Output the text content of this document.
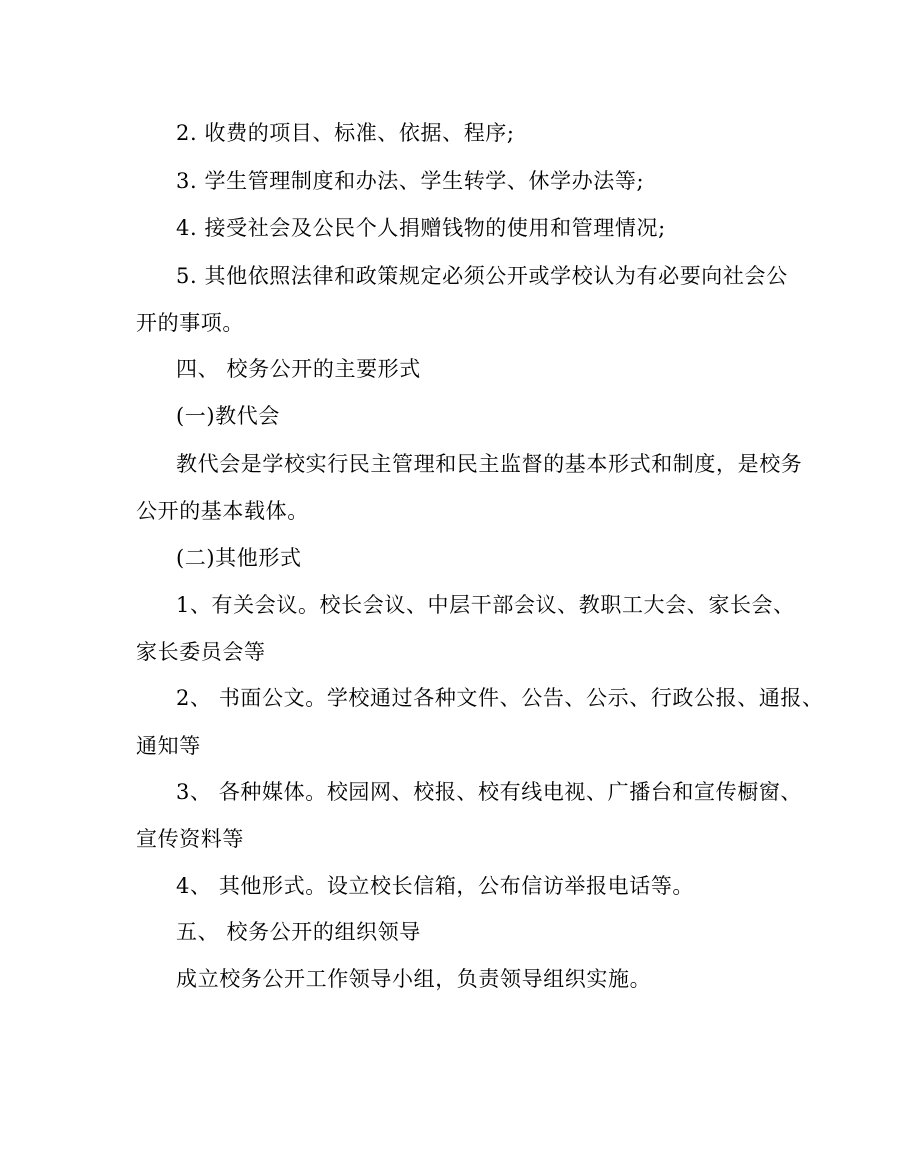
2. 收费的项目、标准、依据、程序;
3. 学生管理制度和办法、学生转学、休学办法等;
4. 接受社会及公民个人捐赠钱物的使用和管理情况;
5. 其他依照法律和政策规定必须公开或学校认为有必要向社会公
开的事项。
四、 校务公开的主要形式
(一)教代会
教代会是学校实行民主管理和民主监督的基本形式和制度，是校务
公开的基本载体。
(二)其他形式
1、有关会议。校长会议、中层干部会议、教职工大会、家长会、
家长委员会等
2、 书面公文。学校通过各种文件、公告、公示、行政公报、通报、
通知等
3、 各种媒体。校园网、校报、校有线电视、广播台和宣传橱窗、
宣传资料等
4、 其他形式。设立校长信箱，公布信访举报电话等。
五、 校务公开的组织领导
成立校务公开工作领导小组，负责领导组织实施。
